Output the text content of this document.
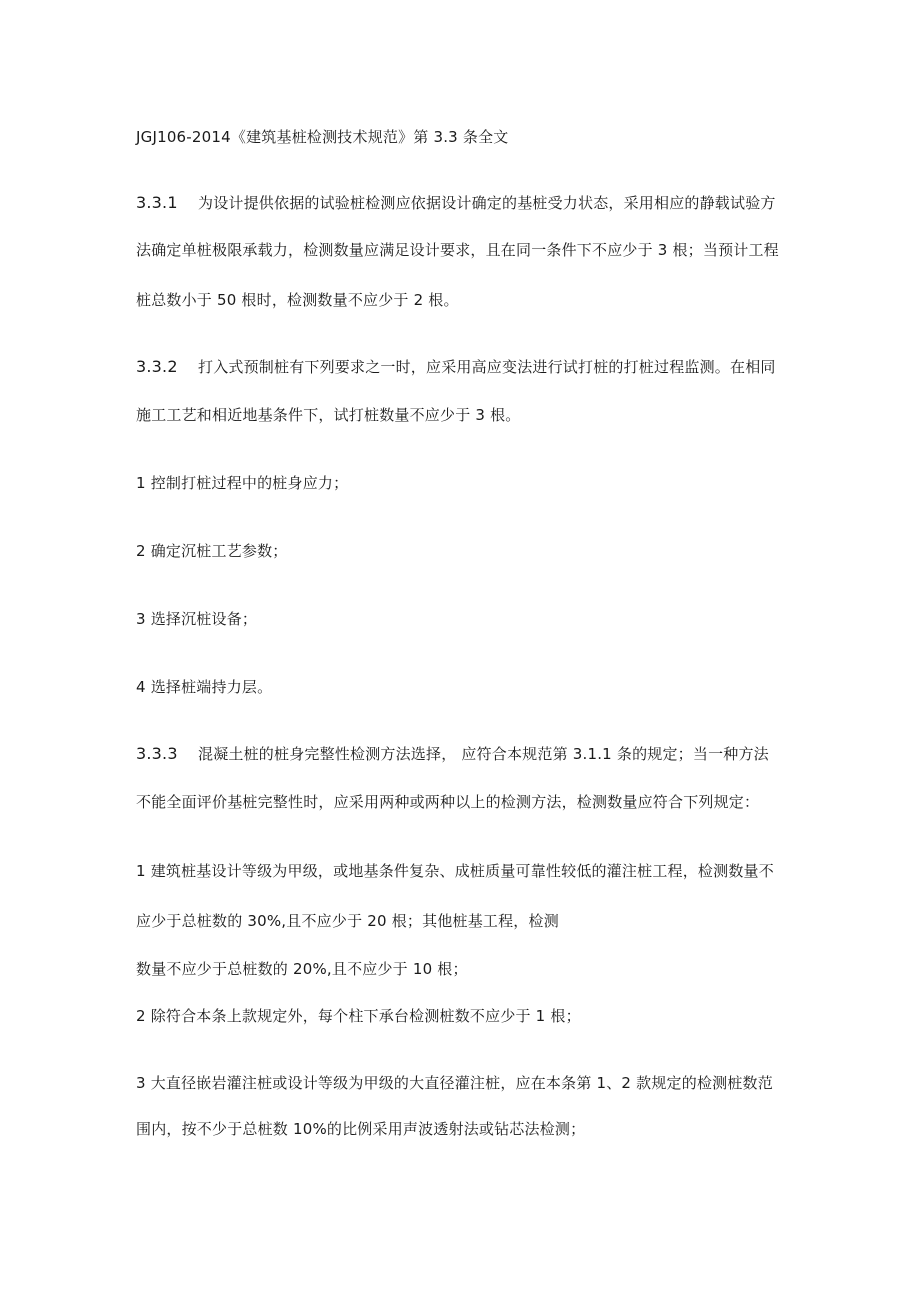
JGJ106-2014《建筑基桩检测技术规范》第 3.3 条全文
3.3.1 为设计提供依据的试验桩检测应依据设计确定的基桩受力状态，采用相应的静载试验方
法确定单桩极限承载力，检测数量应满足设计要求，且在同一条件下不应少于 3 根；当预计工程
桩总数小于 50 根时，检测数量不应少于 2 根。
3.3.2 打入式预制桩有下列要求之一时，应采用高应变法进行试打桩的打桩过程监测。在相同
施工工艺和相近地基条件下，试打桩数量不应少于 3 根。
1 控制打桩过程中的桩身应力；
2 确定沉桩工艺参数；
3 选择沉桩设备；
4 选择桩端持力层。
3.3.3 混凝土桩的桩身完整性检测方法选择， 应符合本规范第 3.1.1 条的规定；当一种方法
不能全面评价基桩完整性时，应采用两种或两种以上的检测方法，检测数量应符合下列规定：
1 建筑桩基设计等级为甲级，或地基条件复杂、成桩质量可靠性较低的灌注桩工程，检测数量不
应少于总桩数的 30%,且不应少于 20 根；其他桩基工程，检测
数量不应少于总桩数的 20%,且不应少于 10 根；
2 除符合本条上款规定外，每个柱下承台检测桩数不应少于 1 根；
3 大直径嵌岩灌注桩或设计等级为甲级的大直径灌注桩，应在本条第 1、2 款规定的检测桩数范
围内，按不少于总桩数 10%的比例采用声波透射法或钻芯法检测；
